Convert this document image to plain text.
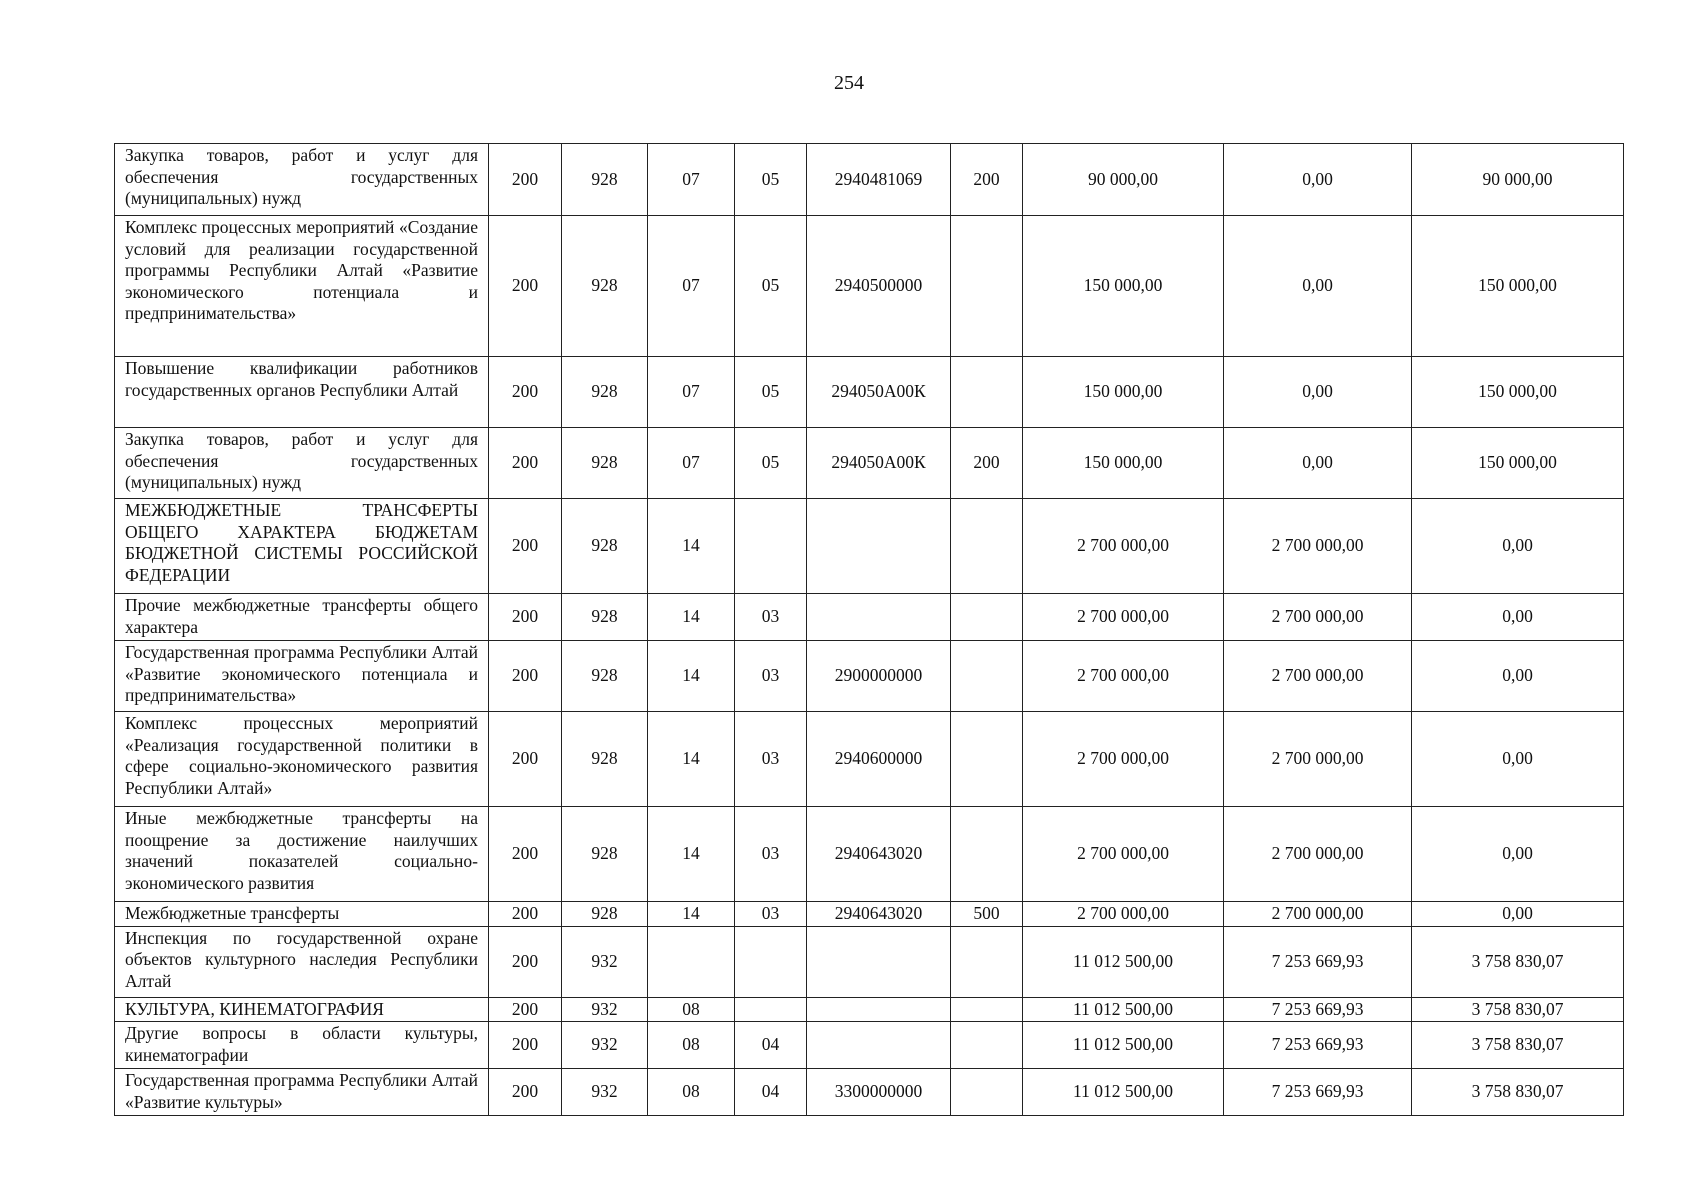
254
Закупка товаров, работ и услуг для обеспечения государственных (муниципальных) нужд	200	928	07	05	2940481069	200	90 000,00	0,00	90 000,00
Комплекс процессных мероприятий «Создание условий для реализации государственной программы Республики Алтай «Развитие экономического потенциала и предпринимательства»	200	928	07	05	2940500000		150 000,00	0,00	150 000,00
Повышение квалификации работников государственных органов Республики Алтай	200	928	07	05	294050А00К		150 000,00	0,00	150 000,00
Закупка товаров, работ и услуг для обеспечения государственных (муниципальных) нужд	200	928	07	05	294050А00К	200	150 000,00	0,00	150 000,00
МЕЖБЮДЖЕТНЫЕ ТРАНСФЕРТЫ ОБЩЕГО ХАРАКТЕРА БЮДЖЕТАМ БЮДЖЕТНОЙ СИСТЕМЫ РОССИЙСКОЙ ФЕДЕРАЦИИ	200	928	14				2 700 000,00	2 700 000,00	0,00
Прочие межбюджетные трансферты общего характера	200	928	14	03			2 700 000,00	2 700 000,00	0,00
Государственная программа Республики Алтай «Развитие экономического потенциала и предпринимательства»	200	928	14	03	2900000000		2 700 000,00	2 700 000,00	0,00
Комплекс процессных мероприятий «Реализация государственной политики в сфере социально-экономического развития Республики Алтай»	200	928	14	03	2940600000		2 700 000,00	2 700 000,00	0,00
Иные межбюджетные трансферты на поощрение за достижение наилучших значений показателей социально-экономического развития	200	928	14	03	2940643020		2 700 000,00	2 700 000,00	0,00
Межбюджетные трансферты	200	928	14	03	2940643020	500	2 700 000,00	2 700 000,00	0,00
Инспекция по государственной охране объектов культурного наследия Республики Алтай	200	932					11 012 500,00	7 253 669,93	3 758 830,07
КУЛЬТУРА, КИНЕМАТОГРАФИЯ	200	932	08				11 012 500,00	7 253 669,93	3 758 830,07
Другие вопросы в области культуры, кинематографии	200	932	08	04			11 012 500,00	7 253 669,93	3 758 830,07
Государственная программа Республики Алтай «Развитие культуры»	200	932	08	04	3300000000		11 012 500,00	7 253 669,93	3 758 830,07
